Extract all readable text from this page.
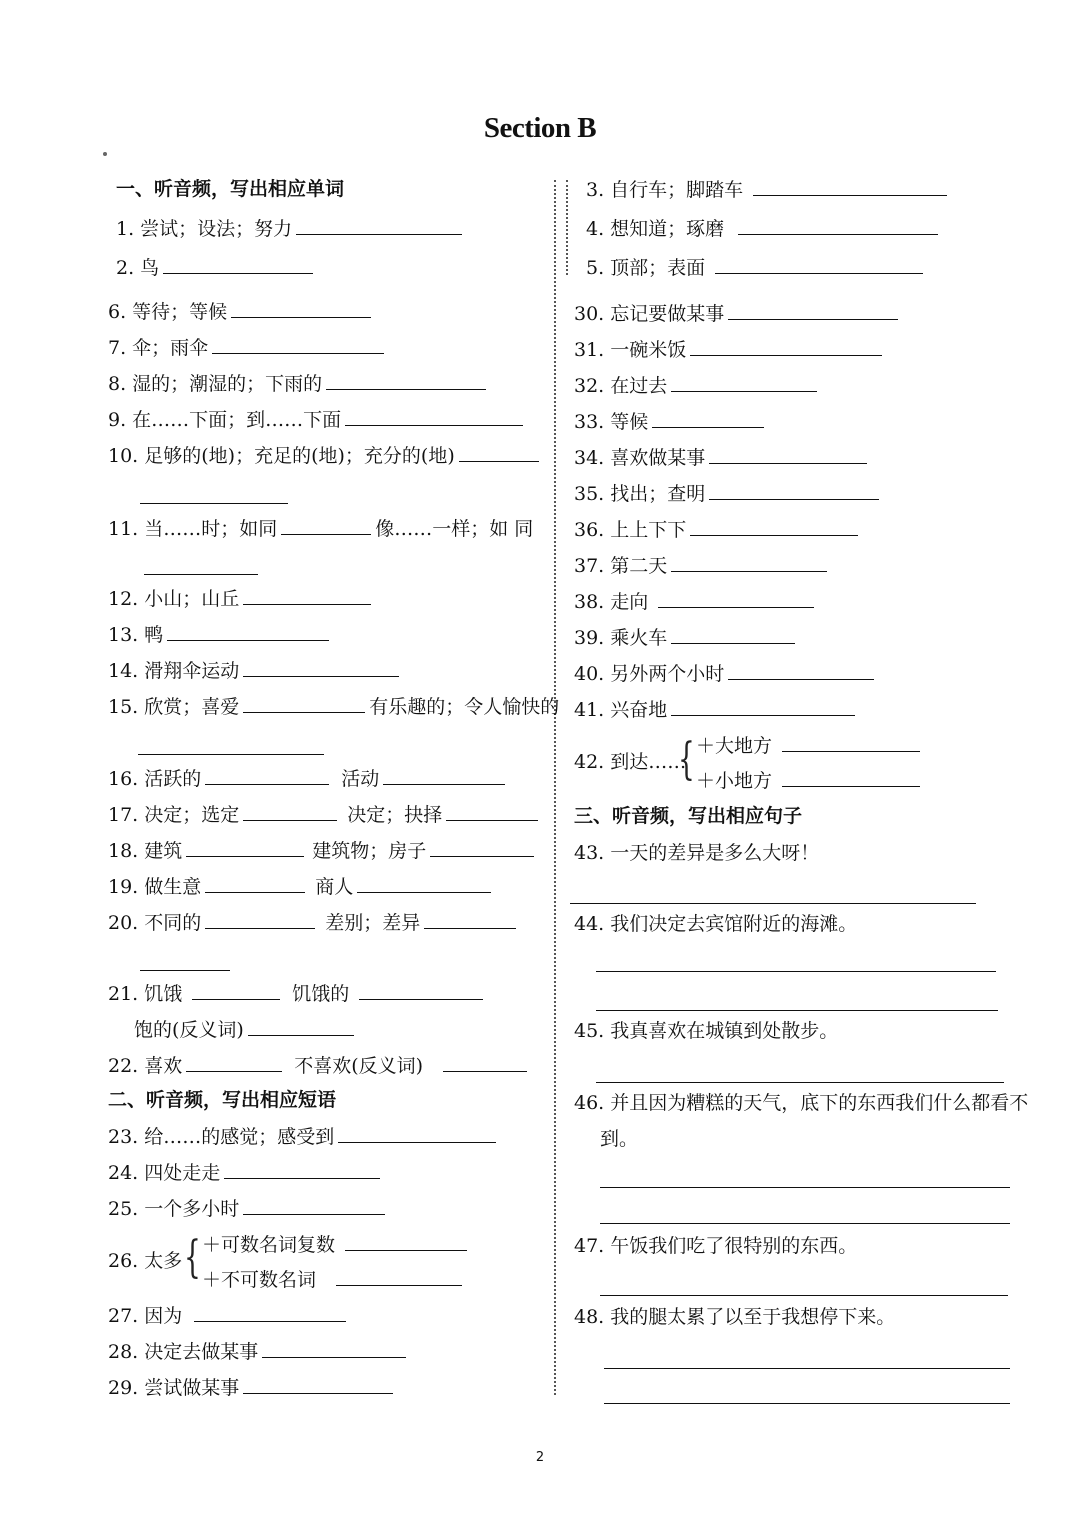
Section B
一、听音频，写出相应单词
1. 尝试；设法；努力
2. 鸟
6. 等待；等候
7. 伞；雨伞
8. 湿的；潮湿的；下雨的
9. 在……下面；到……下面
10. 足够的(地)；充足的(地)；充分的(地)
11. 当……时；如同	像……一样；如 同
12. 小山；山丘
13. 鸭
14. 滑翔伞运动
15. 欣赏；喜爱	有乐趣的；令人愉快的
16. 活跃的	活动
17. 决定；选定	决定；抉择
18. 建筑	建筑物；房子
19. 做生意	商人
20. 不同的	差别；差异
21. 饥饿	饥饿的
饱的(反义词)
22. 喜欢	不喜欢(反义词)
二、听音频，写出相应短语
23. 给……的感觉；感受到
24. 四处走走
25. 一个多小时
26. 太多 { ＋可数名词复数
＋不可数名词
27. 因为
28. 决定去做某事
29. 尝试做某事
3. 自行车；脚踏车
4. 想知道；琢磨
5. 顶部；表面
30. 忘记要做某事
31. 一碗米饭
32. 在过去
33. 等候
34. 喜欢做某事
35. 找出；查明
36. 上上下下
37. 第二天
38. 走向
39. 乘火车
40. 另外两个小时
41. 兴奋地
42. 到达……
{ ＋大地方
＋小地方
三、听音频，写出相应句子
43. 一天的差异是多么大呀！
44. 我们决定去宾馆附近的海滩。
45. 我真喜欢在城镇到处散步。
46. 并且因为糟糕的天气，底下的东西我们什么都看不
到。
47. 午饭我们吃了很特别的东西。
48. 我的腿太累了以至于我想停下来。
2
